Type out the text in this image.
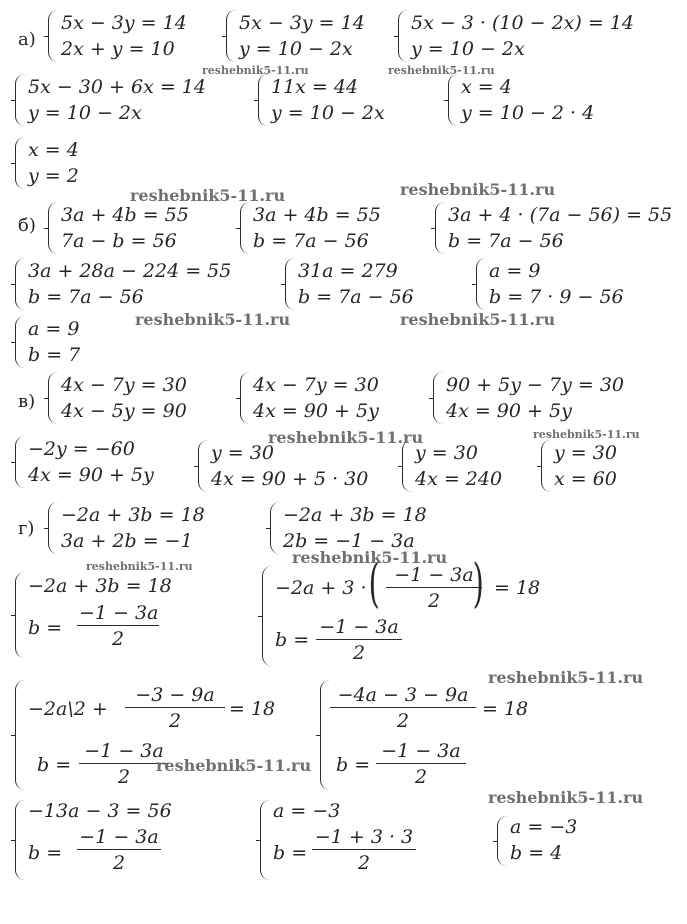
а)
б)
в)
г)
5x − 3y = 14
2x + y = 10
5x − 3y = 14
y = 10 − 2x
5x − 3 · (10 − 2x) = 14
y = 10 − 2x
5x − 30 + 6x = 14
y = 10 − 2x
11x = 44
y = 10 − 2x
x = 4
y = 10 − 2 · 4
x = 4
y = 2
3a + 4b = 55
7a − b = 56
3a + 4b = 55
b = 7a − 56
3a + 4 · (7a − 56) = 55
b = 7a − 56
3a + 28a − 224 = 55
b = 7a − 56
31a = 279
b = 7a − 56
a = 9
b = 7 · 9 − 56
a = 9
b = 7
4x − 7y = 30
4x − 5y = 90
4x − 7y = 30
4x = 90 + 5y
90 + 5y − 7y = 30
4x = 90 + 5y
−2y = −60
4x = 90 + 5y
y = 30
4x = 90 + 5 · 30
y = 30
4x = 240
y = 30
x = 60
−2a + 3b = 18
3a + 2b = −1
−2a + 3b = 18
2b = −1 − 3a
−2a + 3b = 18
$b = \frac{-1 - 3a}{2}$
−2a + 3 · ( $\frac{-1 - 3a}{2}$
) = 18
$b = \frac{-1 - 3a}{2}$
−2a\2 + $\frac{-3 - 9a}{2} = 18$
$b = \frac{-1 - 3a}{2}$
$\frac{-4a - 3 - 9a}{2} = 18$
$b = \frac{-1 - 3a}{2}$
−13a − 3 = 56
$b = \frac{-1 - 3a}{2}$
a = −3
$b = \frac{-1 + 3 \cdot 3}{2}$	a = −3
b = 4
reshebnik5-11.ru	reshebnik5-11.ru
reshebnik5-11.ru	reshebnik5-11.ru
reshebnik5-11.ru	reshebnik5-11.ru
reshebnik5-11.ru	reshebnik5-11.ru
reshebnik5-11.ru	reshebnik5-11.ru
reshebnik5-11.ru
reshebnik5-11.ru
reshebnik5-11.ru
